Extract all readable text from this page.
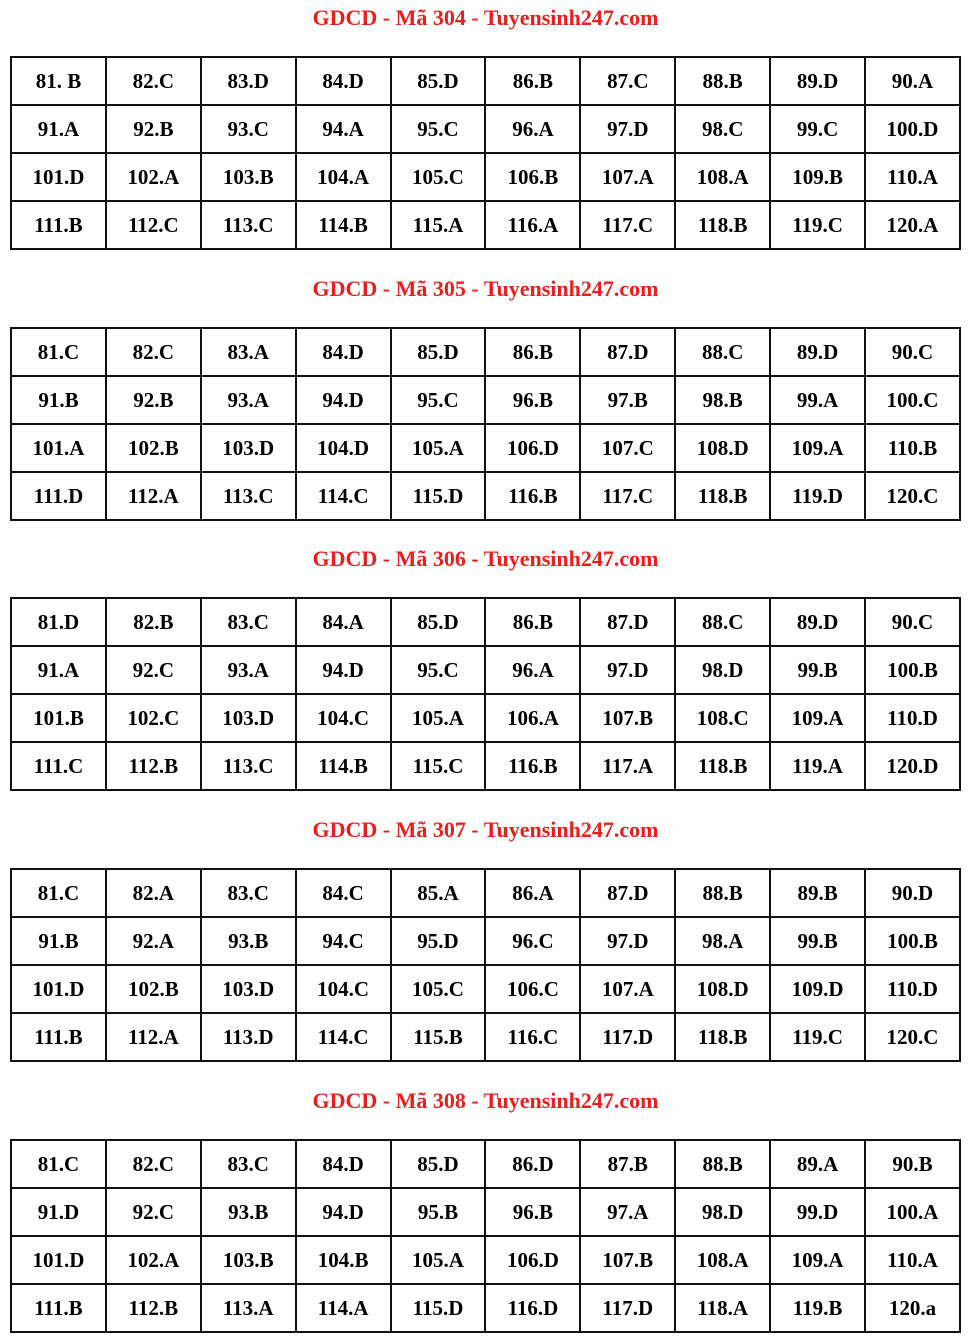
GDCD - Mã 304 - Tuyensinh247.com
81. B	82.C	83.D	84.D	85.D	86.B	87.C	88.B	89.D	90.A
91.A	92.B	93.C	94.A	95.C	96.A	97.D	98.C	99.C	100.D
101.D	102.A	103.B	104.A	105.C	106.B	107.A	108.A	109.B	110.A
111.B	112.C	113.C	114.B	115.A	116.A	117.C	118.B	119.C	120.A
GDCD - Mã 305 - Tuyensinh247.com
81.C	82.C	83.A	84.D	85.D	86.B	87.D	88.C	89.D	90.C
91.B	92.B	93.A	94.D	95.C	96.B	97.B	98.B	99.A	100.C
101.A	102.B	103.D	104.D	105.A	106.D	107.C	108.D	109.A	110.B
111.D	112.A	113.C	114.C	115.D	116.B	117.C	118.B	119.D	120.C
GDCD - Mã 306 - Tuyensinh247.com
81.D	82.B	83.C	84.A	85.D	86.B	87.D	88.C	89.D	90.C
91.A	92.C	93.A	94.D	95.C	96.A	97.D	98.D	99.B	100.B
101.B	102.C	103.D	104.C	105.A	106.A	107.B	108.C	109.A	110.D
111.C	112.B	113.C	114.B	115.C	116.B	117.A	118.B	119.A	120.D
GDCD - Mã 307 - Tuyensinh247.com
81.C	82.A	83.C	84.C	85.A	86.A	87.D	88.B	89.B	90.D
91.B	92.A	93.B	94.C	95.D	96.C	97.D	98.A	99.B	100.B
101.D	102.B	103.D	104.C	105.C	106.C	107.A	108.D	109.D	110.D
111.B	112.A	113.D	114.C	115.B	116.C	117.D	118.B	119.C	120.C
GDCD - Mã 308 - Tuyensinh247.com
81.C	82.C	83.C	84.D	85.D	86.D	87.B	88.B	89.A	90.B
91.D	92.C	93.B	94.D	95.B	96.B	97.A	98.D	99.D	100.A
101.D	102.A	103.B	104.B	105.A	106.D	107.B	108.A	109.A	110.A
111.B	112.B	113.A	114.A	115.D	116.D	117.D	118.A	119.B	120.a
